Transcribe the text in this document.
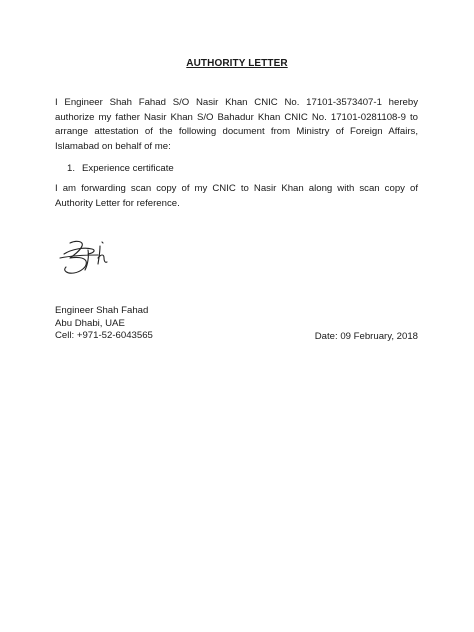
AUTHORITY LETTER
I Engineer Shah Fahad S/O Nasir Khan CNIC No. 17101-3573407-1 hereby authorize my father Nasir Khan S/O Bahadur Khan CNIC No. 17101-0281108-9 to arrange attestation of the following document from Ministry of Foreign Affairs, Islamabad on behalf of me:
1. Experience certificate
I am forwarding scan copy of my CNIC to Nasir Khan along with scan copy of Authority Letter for reference.
Engineer Shah Fahad
Abu Dhabi, UAE
Cell: +971-52-6043565	Date: 09 February, 2018
